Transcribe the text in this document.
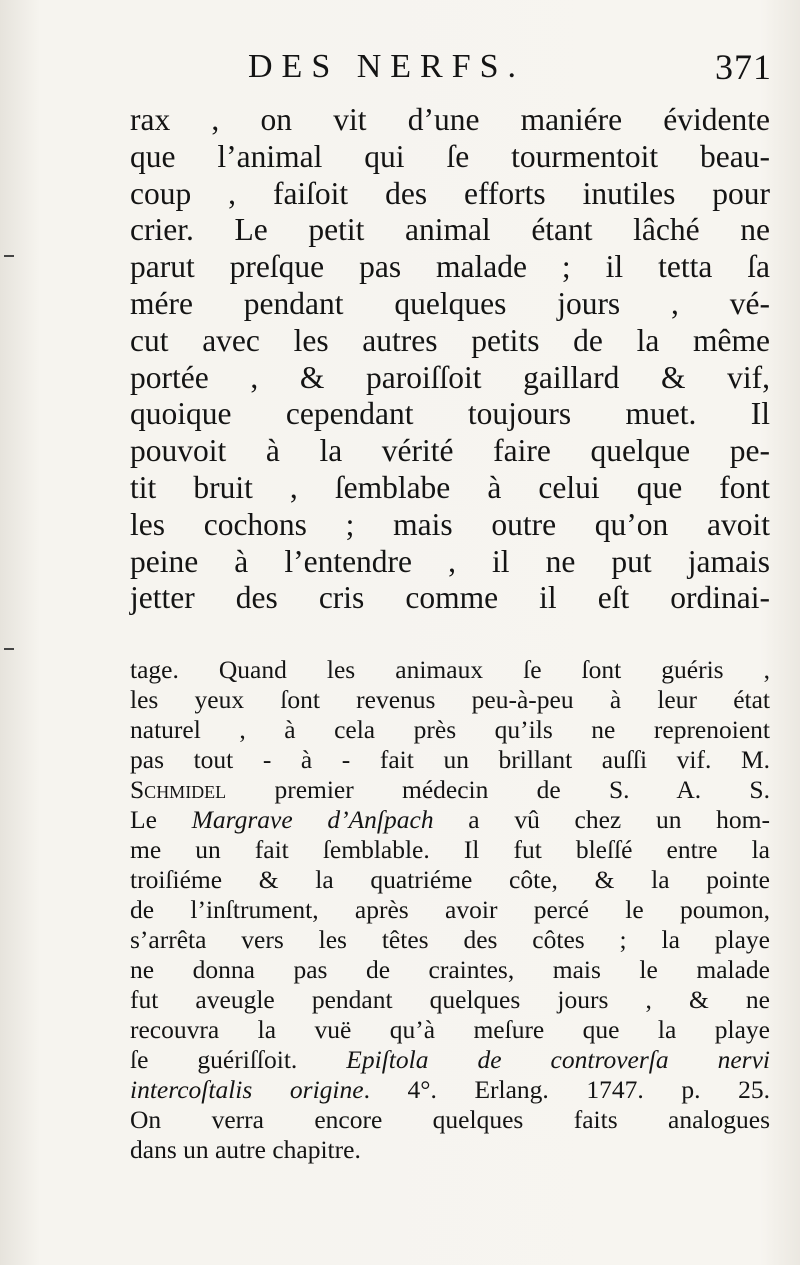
DES NERFS.	371
rax , on vit d’une maniére évidente
que l’animal qui ſe tourmentoit beau-
coup , faiſoit des efforts inutiles pour
crier. Le petit animal étant lâché ne
parut preſque pas malade ; il tetta ſa
mére pendant quelques jours , vé-
cut avec les autres petits de la même
portée , & paroiſſoit gaillard & vif,
quoique cependant toujours muet. Il
pouvoit à la vérité faire quelque pe-
tit bruit , ſemblabe à celui que font
les cochons ; mais outre qu’on avoit
peine à l’entendre , il ne put jamais
jetter des cris comme il eſt ordinai-
tage. Quand les animaux ſe ſont guéris ,
les yeux ſont revenus peu-à-peu à leur état
naturel , à cela près qu’ils ne reprenoient
pas tout - à - fait un brillant auſſi vif. M.
Schmidel premier médecin de S. A. S.
Le Margrave d’Anſpach a vû chez un hom-
me un fait ſemblable. Il fut bleſſé entre la
troiſiéme & la quatriéme côte, & la pointe
de l’inſtrument, après avoir percé le poumon,
s’arrêta vers les têtes des côtes ; la playe
ne donna pas de craintes, mais le malade
fut aveugle pendant quelques jours , & ne
recouvra la vuë qu’à meſure que la playe
ſe guériſſoit. Epiſtola de controverſa nervi
intercoſtalis origine. 4°. Erlang. 1747. p. 25.
On verra encore quelques faits analogues
dans un autre chapitre.
